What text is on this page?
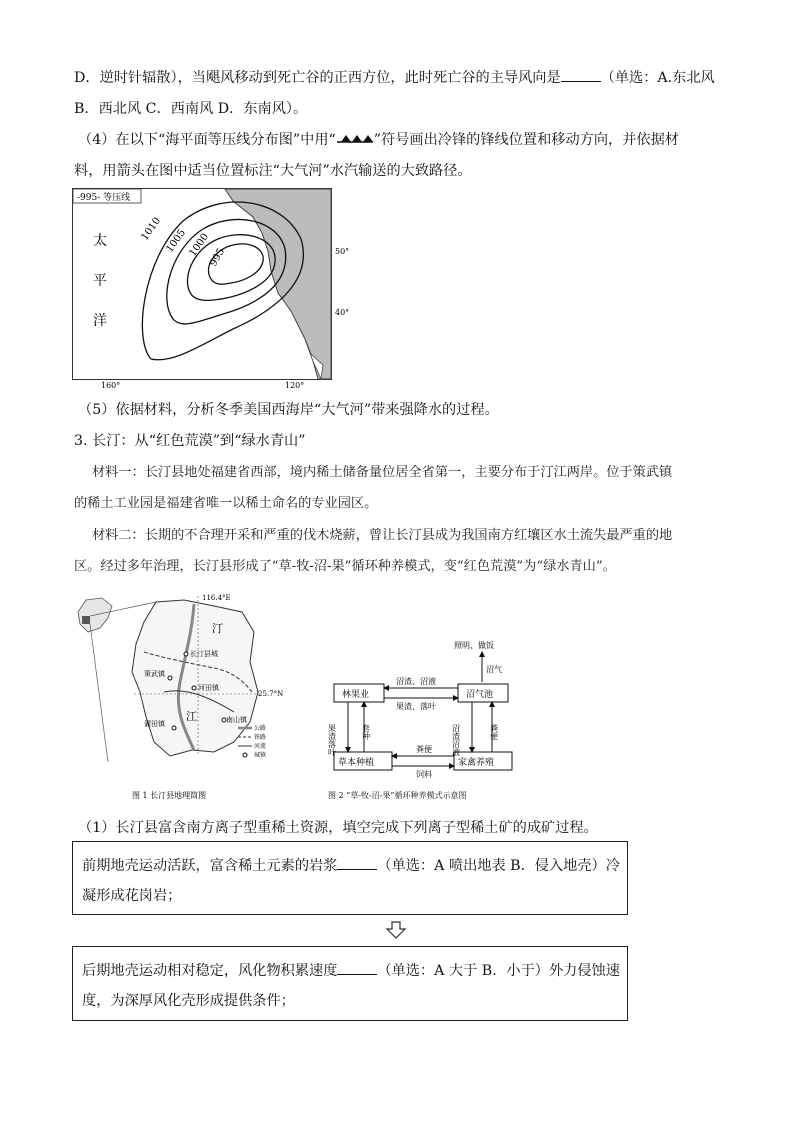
D．逆时针辐散），当飓风移动到死亡谷的正西方位，此时死亡谷的主导风向是	（单选：A.东北风
B．西北风 C．西南风 D．东南风）。
（4）在以下“海平面等压线分布图”中用“	”符号画出冷锋的锋线位置和移动方向，并依据材
料，用箭头在图中适当位置标注“大气河”水汽输送的大致路径。
-995- 等压线
1010 1005 1000
995
太
平
洋
50°
40°
160°	120°
（5）依据材料，分析冬季美国西海岸“大气河”带来强降水的过程。
3. 长汀：从“红色荒漠”到“绿水青山”
材料一：长汀县地处福建省西部，境内稀土储备量位居全省第一，主要分布于汀江两岸。位于策武镇
的稀土工业园是福建省唯一以稀土命名的专业园区。
材料二：长期的不合理开采和严重的伐木烧薪，曾让长汀县成为我国南方红壤区水土流失最严重的地
区。经过多年治理，长汀县形成了“草-牧-沼-果”循环种养模式，变“红色荒漠”为“绿水青山”。
116.4°E
25.7°N
长汀县城
策武镇
河田镇
濯田镇	南山镇
汀
江
公路
铁路
河流
城镇
图 1 长汀县地理简图
照明、做饭
沼气
林果业	沼气池
草本种植	家禽养殖
沼渣、沼液
果渣、落叶
果渣落叶	套种	沼渣沼液	粪便
粪便
饲料
图 2 “草-牧-沼-果”循环种养模式示意图
（1）长汀县富含南方离子型重稀土资源，填空完成下列离子型稀土矿的成矿过程。
前期地壳运动活跃，富含稀土元素的岩浆	（单选：A 喷出地表 B．侵入地壳）冷
凝形成花岗岩；
后期地壳运动相对稳定，风化物积累速度	（单选：A 大于 B．小于）外力侵蚀速
度，为深厚风化壳形成提供条件；
